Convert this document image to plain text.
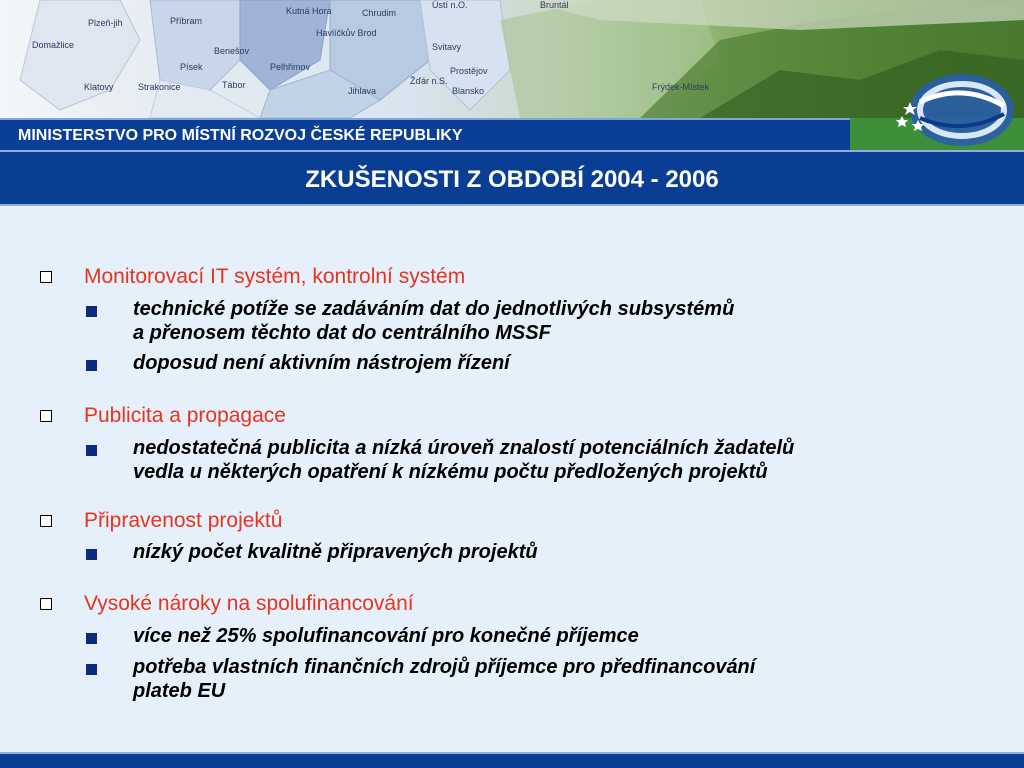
Plzeň-jih	Příbram
Kutná Hora	Chrudim
Ústí n.O.	Bruntál
Domažlice
Benešov
Havlíčkův Brod
Svitavy
Písek	Pelhřimov
Klatovy	Strakonice	Tábor	Žďár n.S.
Jihlava	Blansko
Prostějov
Frýdek-Místek
MINISTERSTVO PRO MÍSTNÍ ROZVOJ ČESKÉ REPUBLIKY
ZKUŠENOSTI Z OBDOBÍ 2004 - 2006
Monitorovací IT systém, kontrolní systém
technické potíže se zadáváním dat do jednotlivých subsystémů
a přenosem těchto dat do centrálního MSSF
doposud není aktivním nástrojem řízení
Publicita a propagace
nedostatečná publicita a nízká úroveň znalostí potenciálních žadatelů
vedla u některých opatření k nízkému počtu předložených projektů
Připravenost projektů
nízký počet kvalitně připravených projektů
Vysoké nároky na spolufinancování
více než 25% spolufinancování pro konečné příjemce
potřeba vlastních finančních zdrojů příjemce pro předfinancování
plateb EU
